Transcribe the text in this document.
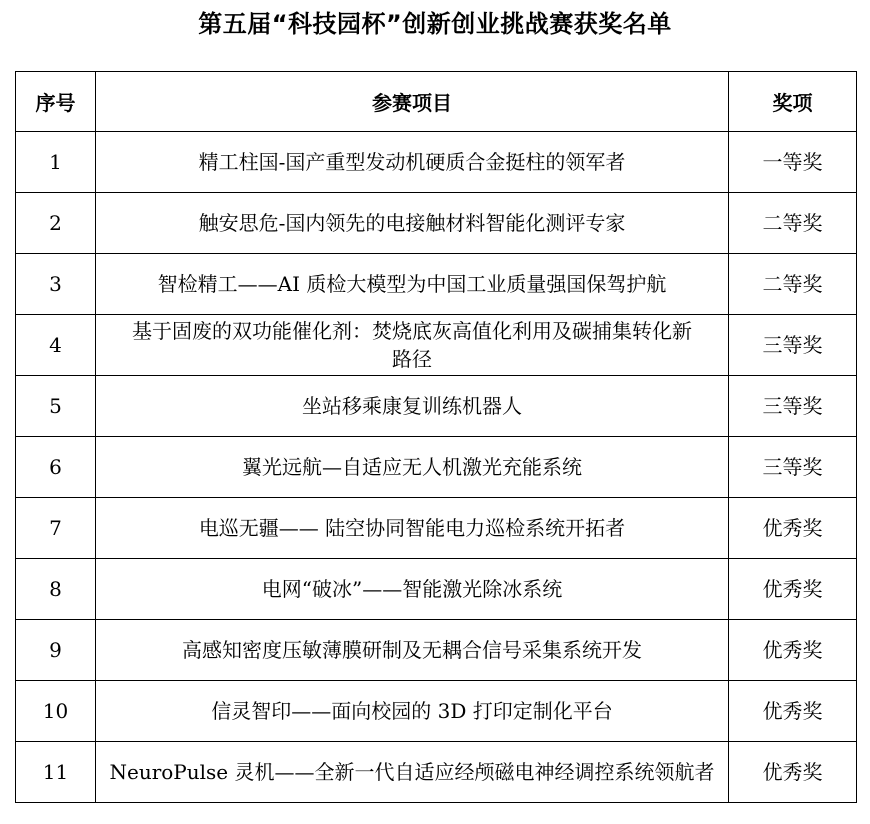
第五届“科技园杯”创新创业挑战赛获奖名单
序号	参赛项目	奖项
1	精工柱国-国产重型发动机硬质合金挺柱的领军者	一等奖
2	触安思危-国内领先的电接触材料智能化测评专家	二等奖
3	智检精工——AI 质检大模型为中国工业质量强国保驾护航	二等奖
4	基于固废的双功能催化剂：焚烧底灰高值化利用及碳捕集转化新路径	三等奖
5	坐站移乘康复训练机器人	三等奖
6	翼光远航—自适应无人机激光充能系统	三等奖
7	电巡无疆—— 陆空协同智能电力巡检系统开拓者	优秀奖
8	电网“破冰”——智能激光除冰系统	优秀奖
9	高感知密度压敏薄膜研制及无耦合信号采集系统开发	优秀奖
10	信灵智印——面向校园的 3D 打印定制化平台	优秀奖
11	NeuroPulse 灵机——全新一代自适应经颅磁电神经调控系统领航者	优秀奖
